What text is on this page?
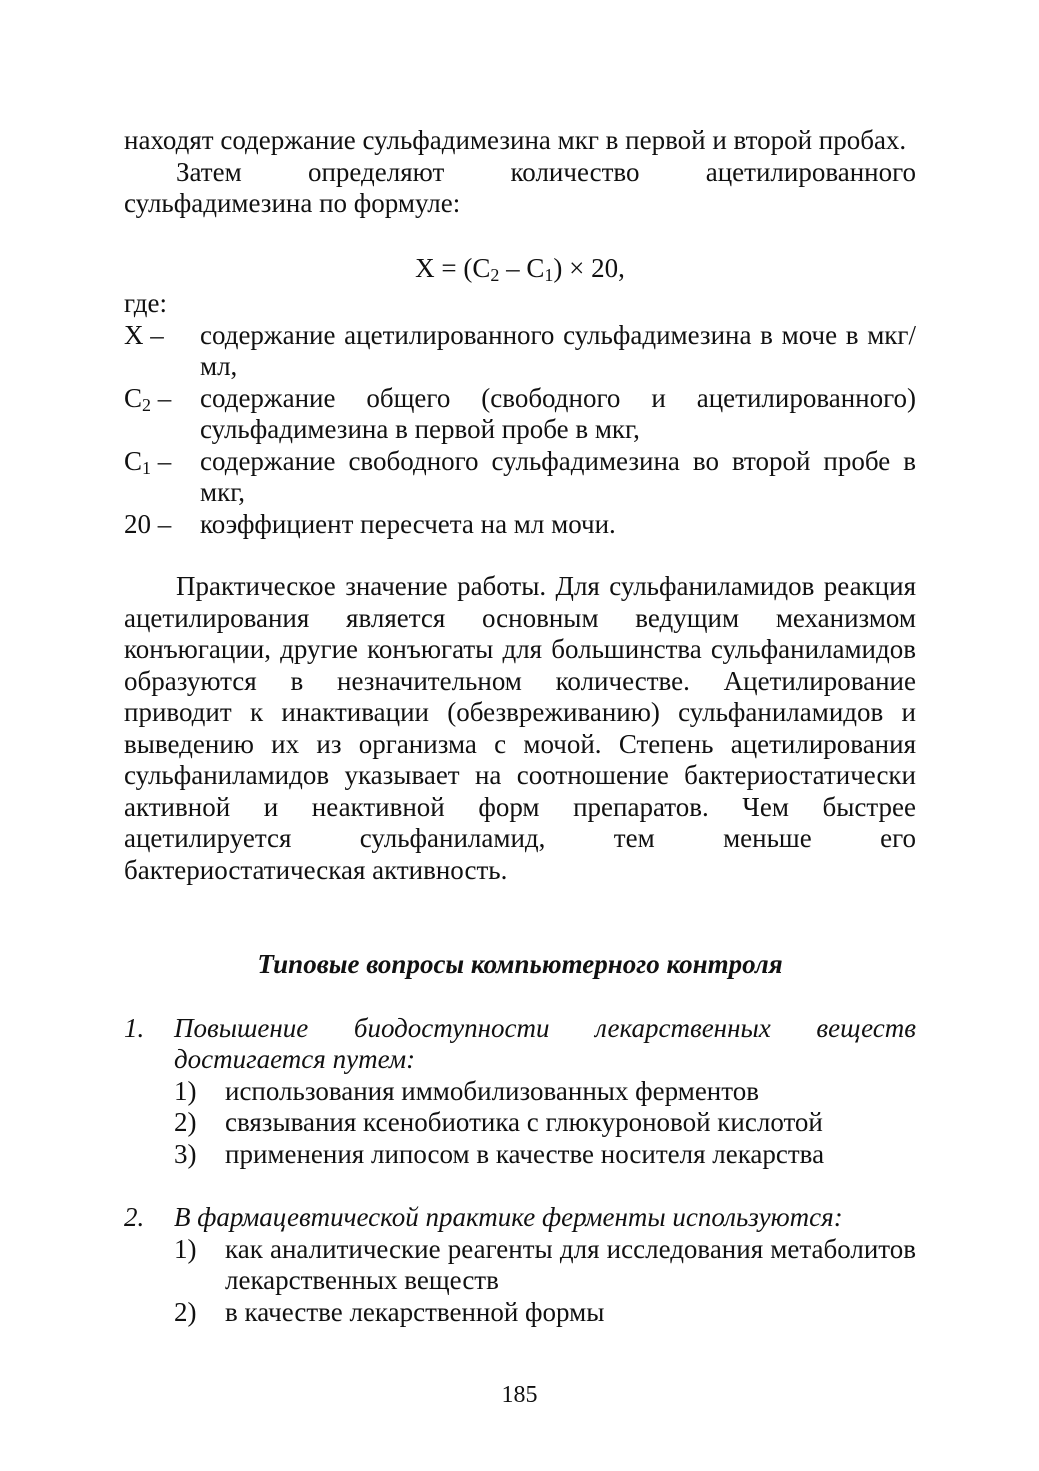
находят содержание сульфадимезина мкг в первой и второй пробах.

Затем определяют количество ацетилированного сульфадимезина по формуле:

$X = (C_2 - C_1) \times 20$,

где:

X –	содержание ацетилированного сульфадимезина в моче в мкг/мл,
$C_2$ –	содержание общего (свободного и ацетилированного) сульфадимезина в первой пробе в мкг,
$C_1$ –	содержание свободного сульфадимезина во второй пробе в мкг,
20 –	коэффициент пересчета на мл мочи.

Практическое значение работы. Для сульфаниламидов реакция ацетилирования является основным ведущим механизмом конъюгации, другие конъюгаты для большинства сульфаниламидов образуются в незначительном количестве. Ацетилирование приводит к инактивации (обезвреживанию) сульфаниламидов и выведению их из организма с мочой. Степень ацетилирования сульфаниламидов указывает на соотношение бактериостатически активной и неактивной форм препаратов. Чем быстрее ацетилируется сульфаниламид, тем меньше его бактериостатическая активность.

Типовые вопросы компьютерного контроля

1.	Повышение биодоступности лекарственных веществ достигается путем:
1)	использования иммобилизованных ферментов
2)	связывания ксенобиотика с глюкуроновой кислотой
3)	применения липосом в качестве носителя лекарства
2.	В фармацевтической практике ферменты используются:
1)	как аналитические реагенты для исследования метаболитов лекарственных веществ
2)	в качестве лекарственной формы
185
